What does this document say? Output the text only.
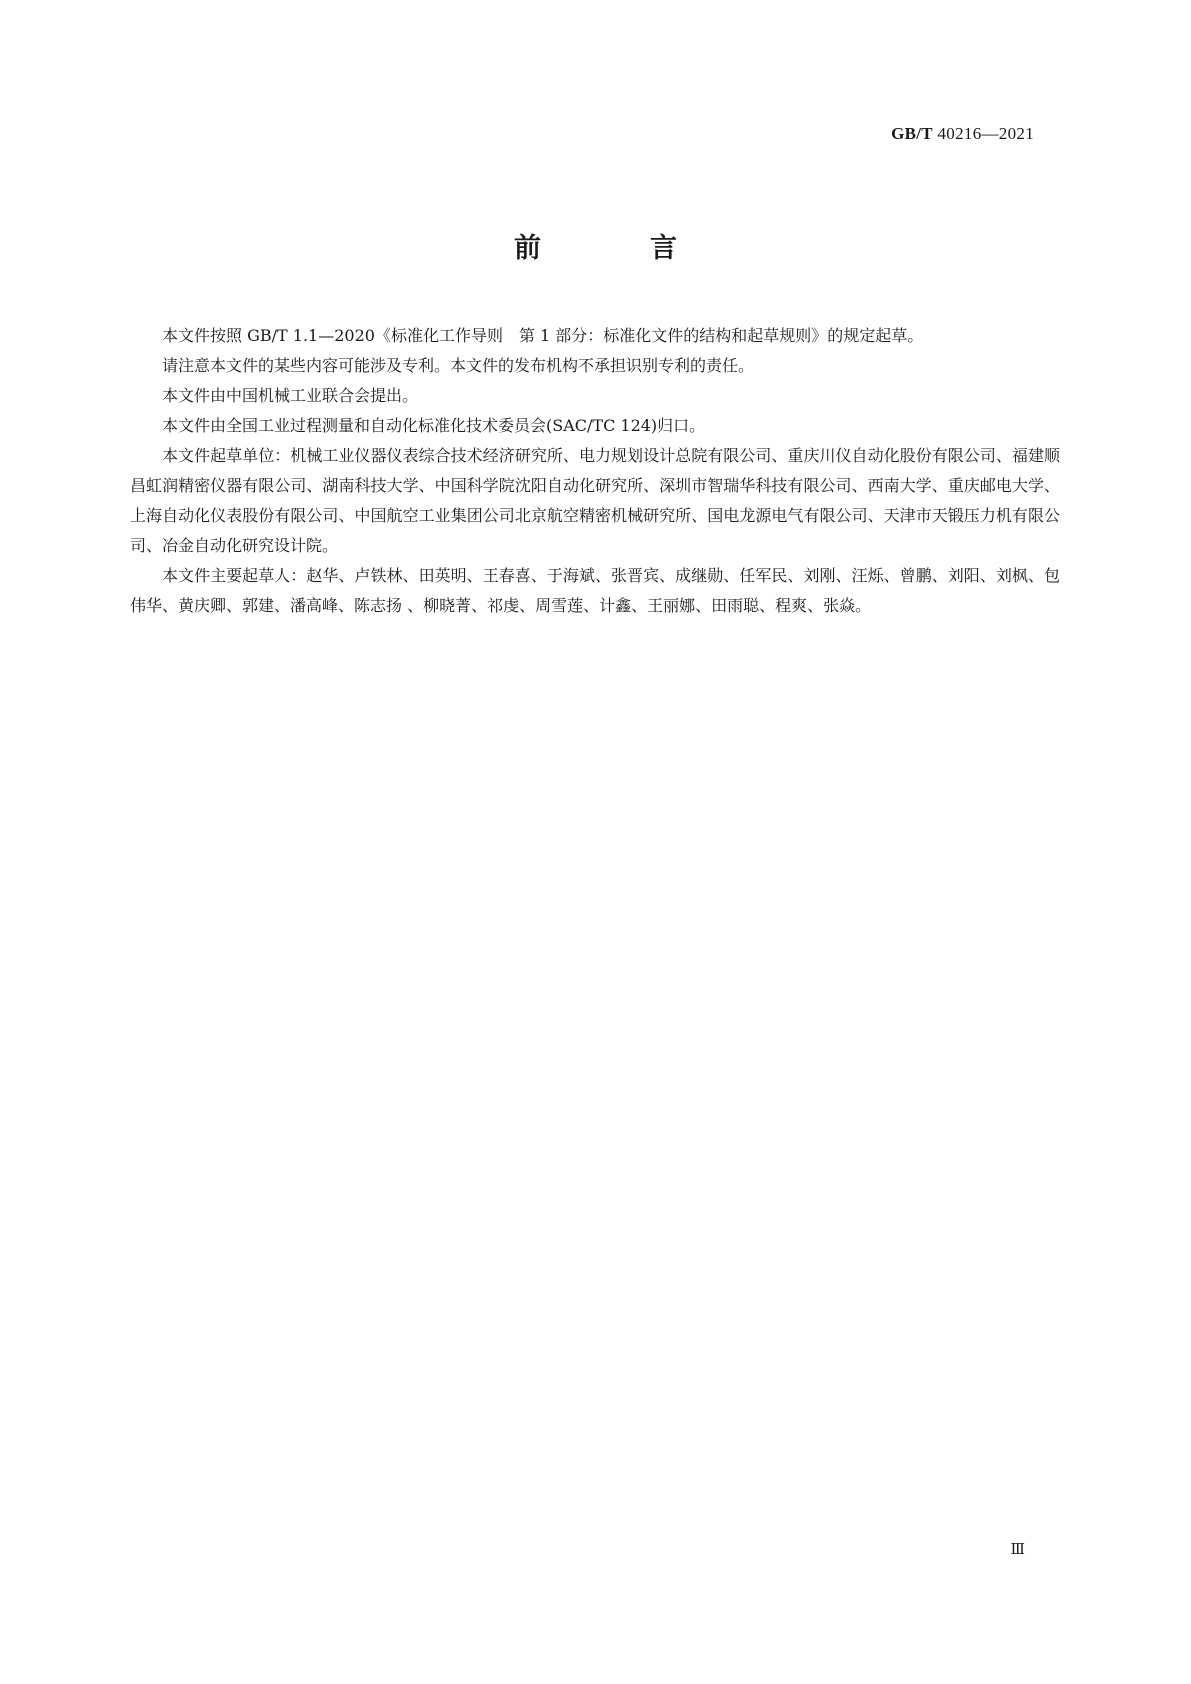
GB/T 40216—2021
前　言

本文件按照 GB/T 1.1—2020《标准化工作导则　第 1 部分：标准化文件的结构和起草规则》的规定起草。

请注意本文件的某些内容可能涉及专利。本文件的发布机构不承担识别专利的责任。

本文件由中国机械工业联合会提出。

本文件由全国工业过程测量和自动化标准化技术委员会(SAC/TC 124)归口。

本文件起草单位：机械工业仪器仪表综合技术经济研究所、电力规划设计总院有限公司、重庆川仪自动化股份有限公司、福建顺昌虹润精密仪器有限公司、湖南科技大学、中国科学院沈阳自动化研究所、深圳市智瑞华科技有限公司、西南大学、重庆邮电大学、上海自动化仪表股份有限公司、中国航空工业集团公司北京航空精密机械研究所、国电龙源电气有限公司、天津市天锻压力机有限公司、冶金自动化研究设计院。

本文件主要起草人：赵华、卢铁林、田英明、王春喜、于海斌、张晋宾、成继勋、任军民、刘刚、汪烁、曾鹏、刘阳、刘枫、包伟华、黄庆卿、郭建、潘高峰、陈志扬 、柳晓菁、祁虔、周雪莲、计鑫、王丽娜、田雨聪、程爽、张焱。

Ⅲ
